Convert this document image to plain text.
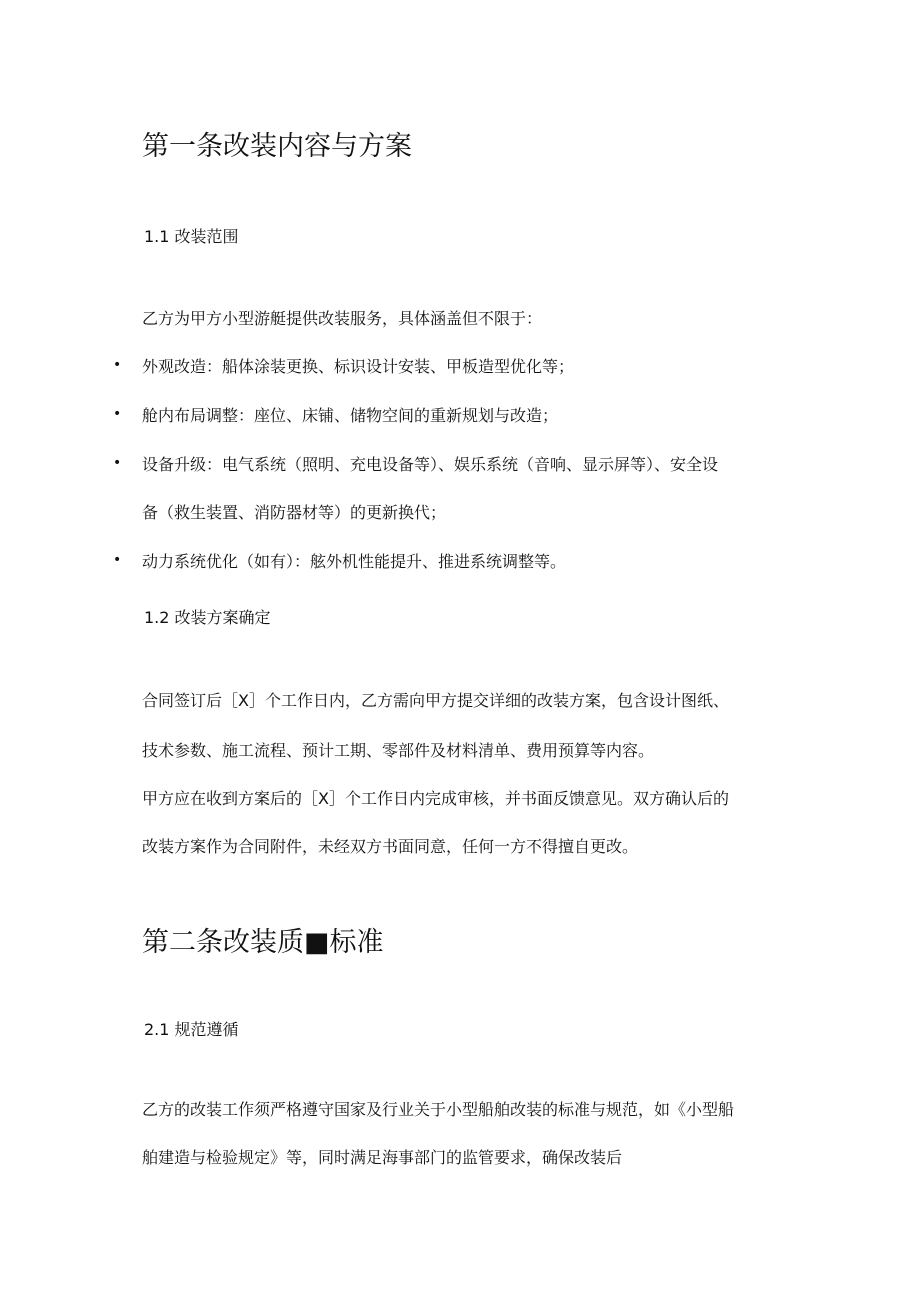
第一条改装内容与方案
1.1 改装范围
乙方为甲方小型游艇提供改装服务，具体涵盖但不限于：
• 外观改造：船体涂装更换、标识设计安装、甲板造型优化等；
• 舱内布局调整：座位、床铺、储物空间的重新规划与改造；
• 设备升级：电气系统（照明、充电设备等）、娱乐系统（音响、显示屏等）、安全设
备（救生装置、消防器材等）的更新换代；
• 动力系统优化（如有）：舷外机性能提升、推进系统调整等。
1.2 改装方案确定
合同签订后［X］个工作日内，乙方需向甲方提交详细的改装方案，包含设计图纸、
技术参数、施工流程、预计工期、零部件及材料清单、费用预算等内容。
甲方应在收到方案后的［X］个工作日内完成审核，并书面反馈意见。双方确认后的
改装方案作为合同附件，未经双方书面同意，任何一方不得擅自更改。
第二条改装质■标准
2.1 规范遵循
乙方的改装工作须严格遵守国家及行业关于小型船舶改装的标准与规范，如《小型船
舶建造与检验规定》等，同时满足海事部门的监管要求，确保改装后
